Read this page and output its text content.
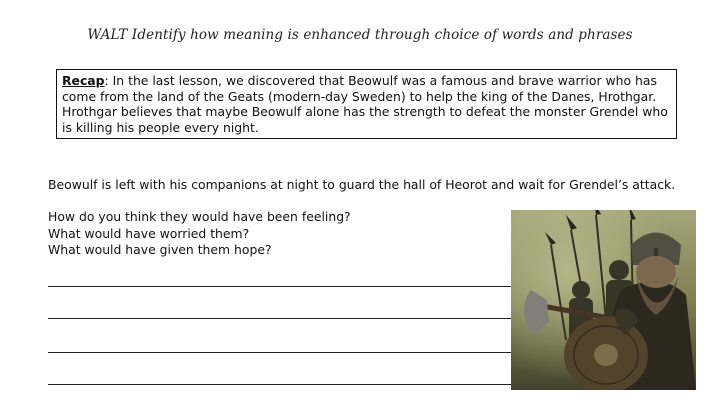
WALT Identify how meaning is enhanced through choice of words and phrases
Recap: In the last lesson, we discovered that Beowulf was a famous and brave warrior who has come from the land of the Geats (modern-day Sweden) to help the king of the Danes, Hrothgar. Hrothgar believes that maybe Beowulf alone has the strength to defeat the monster Grendel who is killing his people every night.
Beowulf is left with his companions at night to guard the hall of Heorot and wait for Grendel’s attack.
How do you think they would have been feeling?
What would have worried them?
What would have given them hope?
